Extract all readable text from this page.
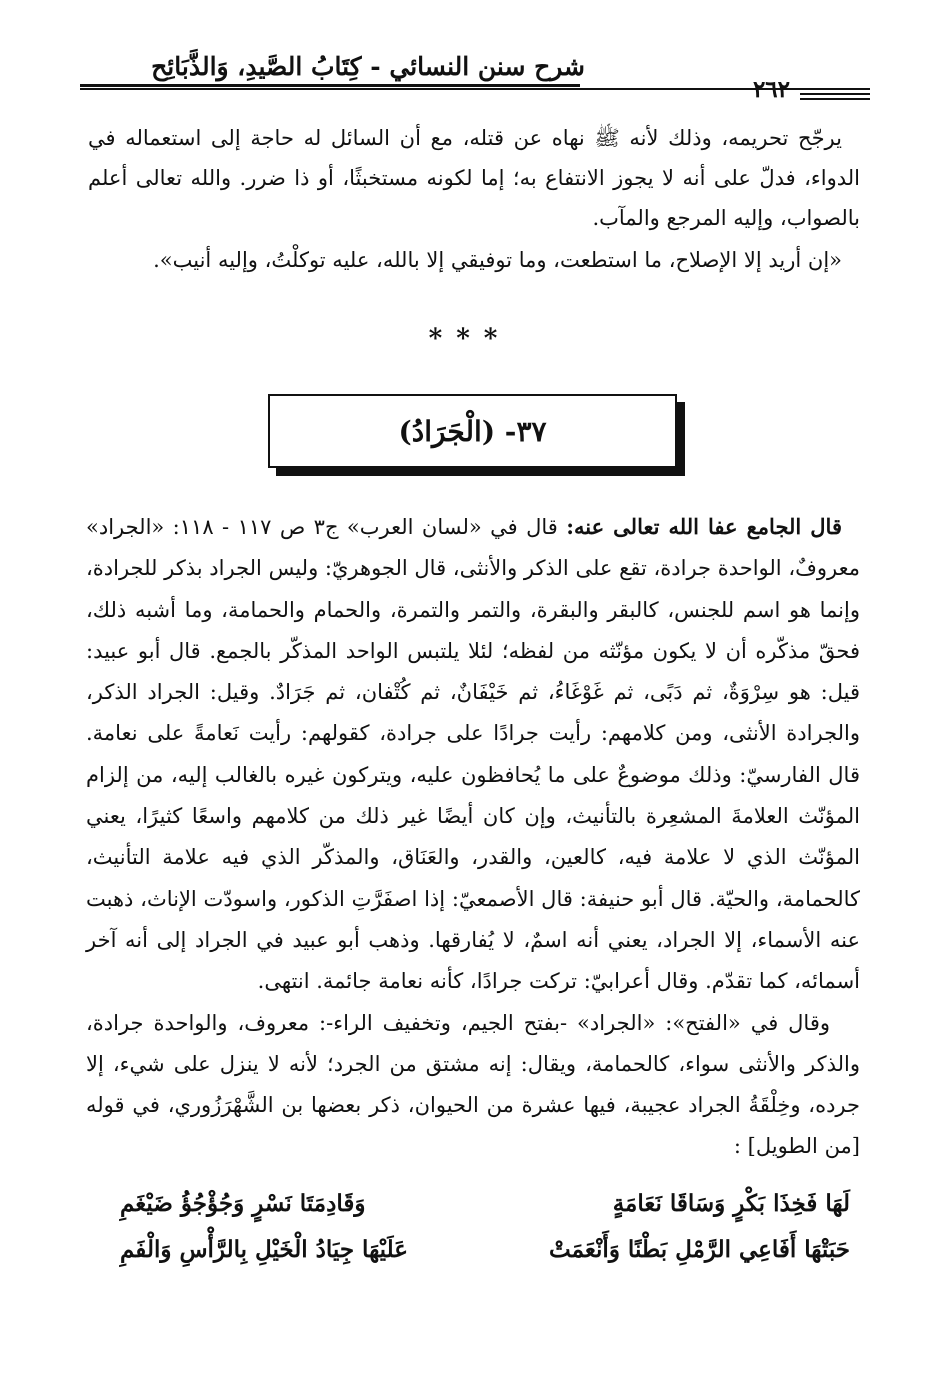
شرح سنن النسائي - كِتَابُ الصَّيدِ، وَالذَّبَائِح
٢٦٢

يرجّح تحريمه، وذلك لأنه ﷺ نهاه عن قتله، مع أن السائل له حاجة إلى استعماله في الدواء، فدلّ على أنه لا يجوز الانتفاع به؛ إما لكونه مستخبثًا، أو ذا ضرر. والله تعالى أعلم بالصواب، وإليه المرجع والمآب.

«إن أريد إلا الإصلاح، ما استطعت، وما توفيقي إلا بالله، عليه توكلْتُ، وإليه أنيب».

***
٣٧- (الْجَرَادُ)

قال الجامع عفا الله تعالى عنه: قال في «لسان العرب» ج٣ ص ١١٧ - ١١٨: «الجراد» معروفٌ، الواحدة جرادة، تقع على الذكر والأنثى، قال الجوهريّ: وليس الجراد بذكر للجرادة، وإنما هو اسم للجنس، كالبقر والبقرة، والتمر والتمرة، والحمام والحمامة، وما أشبه ذلك، فحقّ مذكّره أن لا يكون مؤنّثه من لفظه؛ لئلا يلتبس الواحد المذكّر بالجمع. قال أبو عبيد: قيل: هو سِرْوَةٌ، ثم دَبًى، ثم غَوْغَاءُ، ثم خَيْفَانٌ، ثم كُتْفان، ثم جَرَادٌ. وقيل: الجراد الذكر، والجرادة الأنثى، ومن كلامهم: رأيت جرادًا على جرادة، كقولهم: رأيت نَعامةً على نعامة. قال الفارسيّ: وذلك موضوعٌ على ما يُحافظون عليه، ويتركون غيره بالغالب إليه، من إلزام المؤنّث العلامةَ المشعِرة بالتأنيث، وإن كان أيضًا غير ذلك من كلامهم واسعًا كثيرًا، يعني المؤنّث الذي لا علامة فيه، كالعين، والقدر، والعَنَاق، والمذكّر الذي فيه علامة التأنيث، كالحمامة، والحيّة. قال أبو حنيفة: قال الأصمعيّ: إذا اصفَرَّتِ الذكور، واسودّت الإناث، ذهبت عنه الأسماء، إلا الجراد، يعني أنه اسمٌ، لا يُفارقها. وذهب أبو عبيد في الجراد إلى أنه آخر أسمائه، كما تقدّم. وقال أعرابيّ: تركت جرادًا، كأنه نعامة جائمة. انتهى.

وقال في «الفتح»: «الجراد» -بفتح الجيم، وتخفيف الراء-: معروف، والواحدة جرادة، والذكر والأنثى سواء، كالحمامة، ويقال: إنه مشتق من الجرد؛ لأنه لا ينزل على شيء، إلا جرده، وخِلْقَةُ الجراد عجيبة، فيها عشرة من الحيوان، ذكر بعضها بن الشَّهْرَزُوري، في قوله [من الطويل] :

لَهَا فَخِذَا بَكْرٍ وَسَاقَا نَعَامَةٍ
وَقَادِمَتَا نَسْرٍ وَجُؤْجُؤُ ضَيْغَمِ
حَبَتْهَا أَفَاعِي الرَّمْلِ بَطْنًا وَأَنْعَمَتْ
عَلَيْهَا جِيَادُ الْخَيْلِ بِالرَّأْسِ وَالْفَمِ
